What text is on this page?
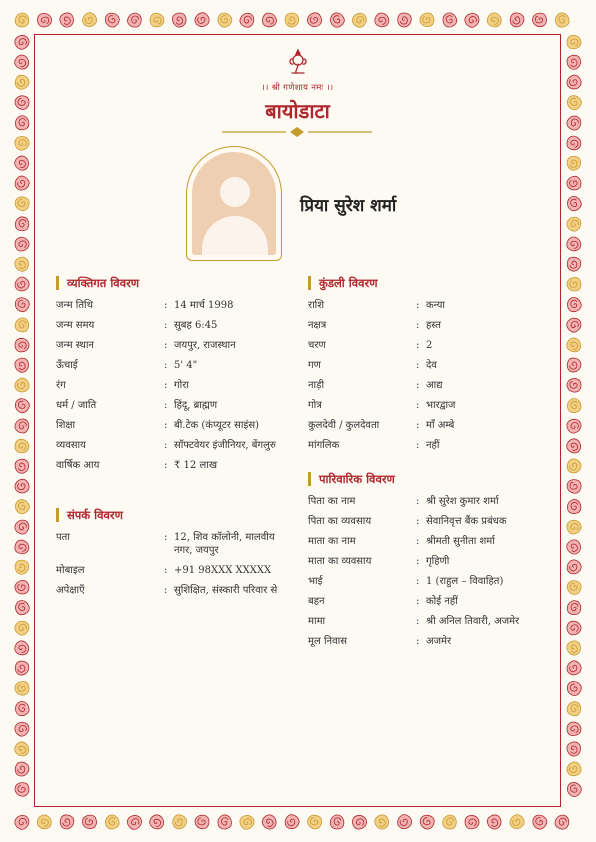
।। श्री गणेशाय नमः ।।
बायोडाटा
प्रिया सुरेश शर्मा
व्यक्तिगत विवरण
जन्म तिथि	: 14 मार्च 1998
जन्म समय	: सुबह 6:45
जन्म स्थान	: जयपुर, राजस्थान
ऊँचाई	: 5' 4"
रंग	: गोरा
धर्म / जाति	: हिंदू, ब्राह्मण
शिक्षा	: बी.टेक (कंप्यूटर साइंस)
व्यवसाय	: सॉफ्टवेयर इंजीनियर, बेंगलुरु
वार्षिक आय	: ₹ 12 लाख
संपर्क विवरण
पता	: 12, शिव कॉलोनी, मालवीय नगर, जयपुर
मोबाइल	: +91 98XXX XXXXX
अपेक्षाएँ	: सुशिक्षित, संस्कारी परिवार से
कुंडली विवरण
राशि	: कन्या
नक्षत्र	: हस्त
चरण	: 2
गण	: देव
नाड़ी	: आद्य
गोत्र	: भारद्वाज
कुलदेवी / कुलदेवता	: माँ अम्बे
मांगलिक	: नहीं
पारिवारिक विवरण
पिता का नाम	: श्री सुरेश कुमार शर्मा
पिता का व्यवसाय	: सेवानिवृत्त बैंक प्रबंधक
माता का नाम	: श्रीमती सुनीता शर्मा
माता का व्यवसाय	: गृहिणी
भाई	: 1 (राहुल – विवाहित)
बहन	: कोई नहीं
मामा	: श्री अनिल तिवारी, अजमेर
मूल निवास	: अजमेर
